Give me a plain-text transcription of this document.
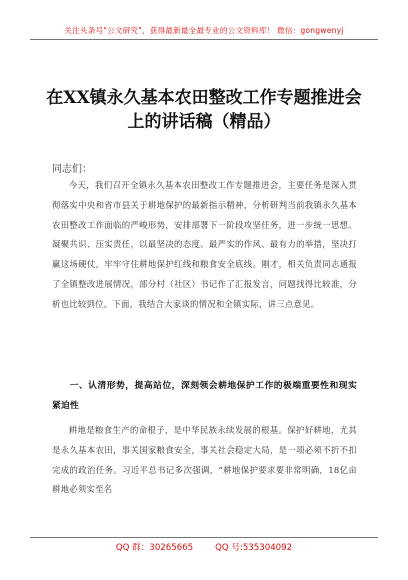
关注头条号"公文研究"，获得最新最全最专业的公文资料库！ 微信：gongwenyj
在XX镇永久基本农田整改工作专题推进会上的讲话稿（精品）

同志们：

今天，我们召开全镇永久基本农田整改工作专题推进会，主要任务是深入贯彻落实中央和省市县关于耕地保护的最新指示精神，分析研判当前我镇永久基本农田整改工作面临的严峻形势，安排部署下一阶段攻坚任务，进一步统一思想、凝聚共识、压实责任，以最坚决的态度、最严实的作风、最有力的举措，坚决打赢这场硬仗，牢牢守住耕地保护红线和粮食安全底线。刚才，相关负责同志通报了全镇整改进展情况，部分村（社区）书记作了汇报发言，问题找得比较准，分析也比较到位。下面，我结合大家谈的情况和全镇实际，讲三点意见。

一、认清形势，提高站位，深刻领会耕地保护工作的极端重要性和现实紧迫性

耕地是粮食生产的命根子，是中华民族永续发展的根基。保护好耕地，尤其是永久基本农田，事关国家粮食安全，事关社会稳定大局，是一项必须不折不扣完成的政治任务。习近平总书记多次强调，“耕地保护要求要非常明确，18亿亩耕地必须实至名

QQ 群：30265665	QQ 号:535304092
